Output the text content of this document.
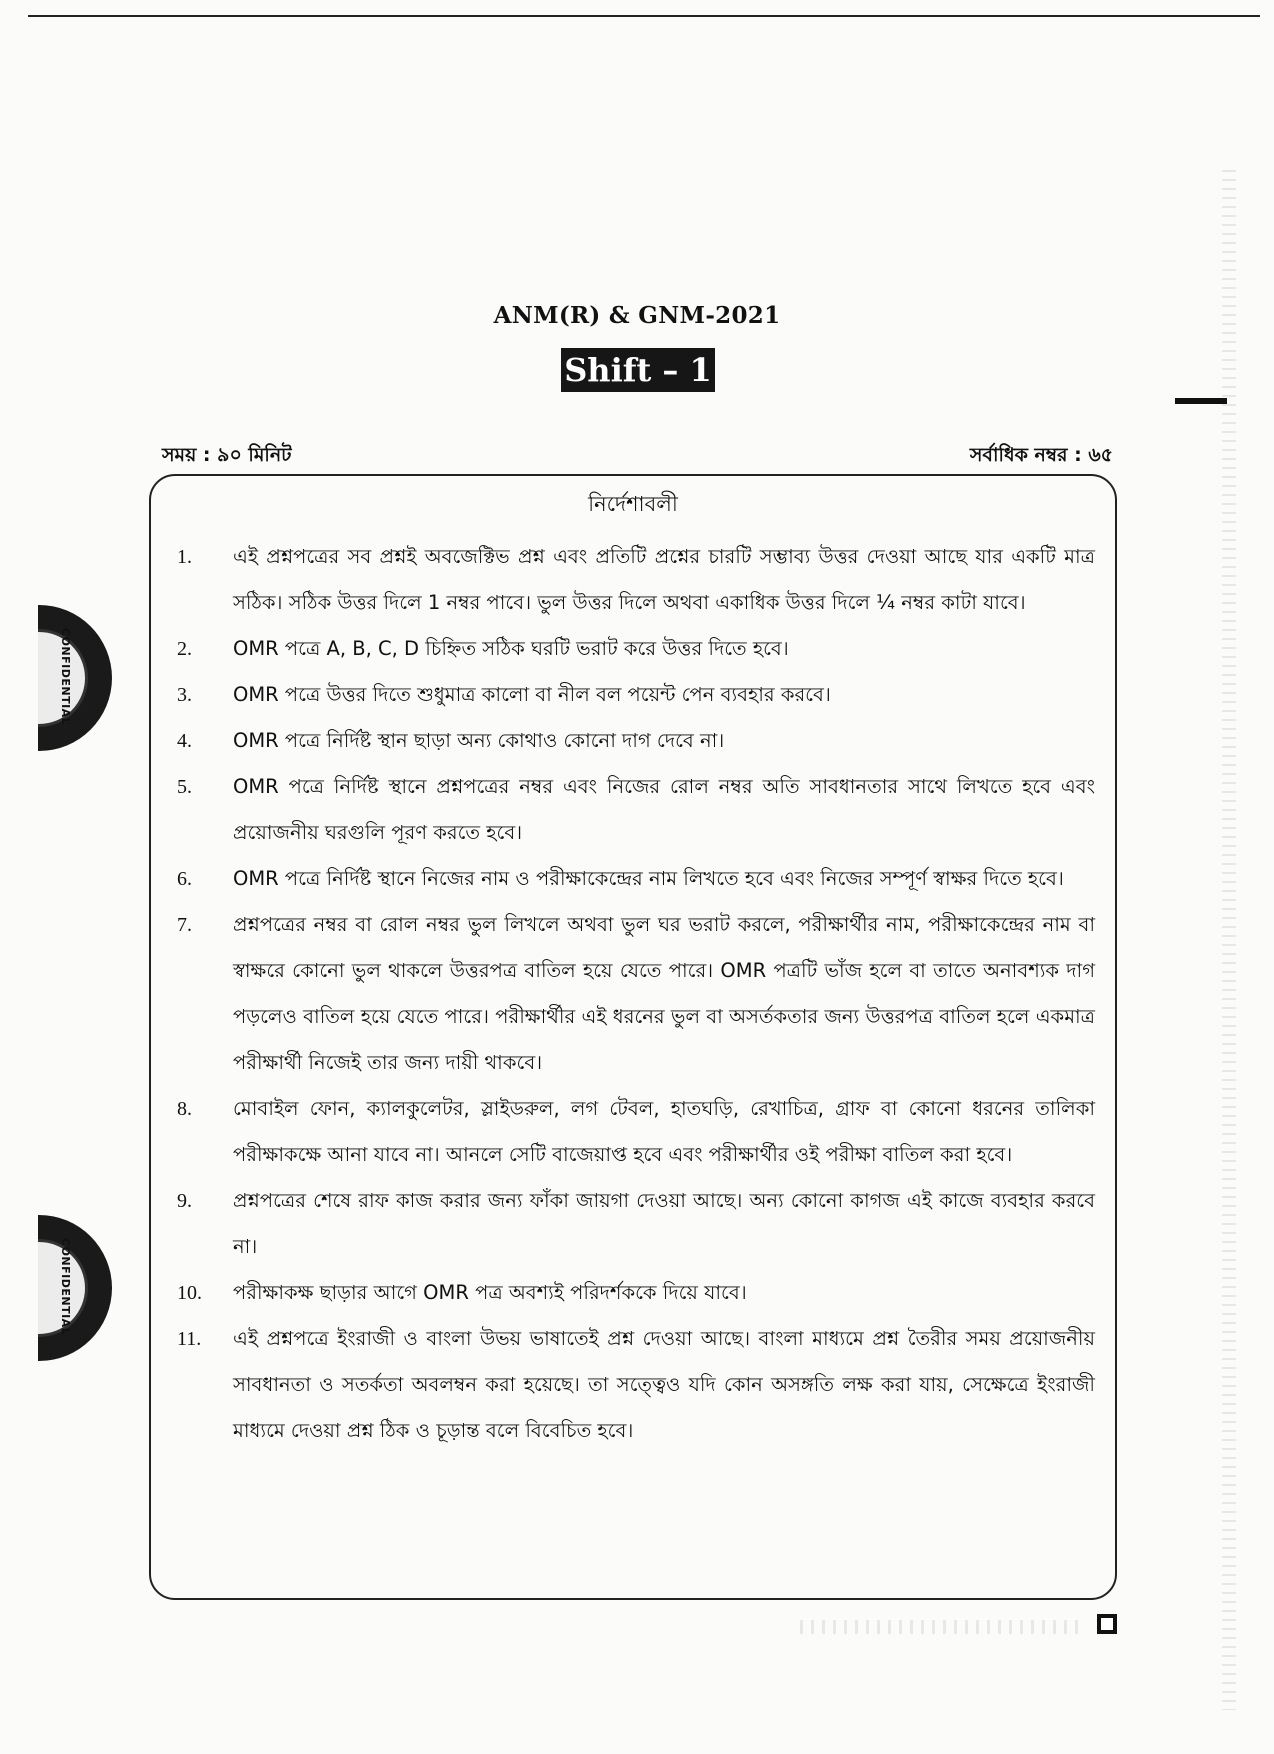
ANM(R) & GNM-2021
Shift – 1
সময় : ৯০ মিনিট	সর্বাধিক নম্বর : ৬৫
CONFIDENTIAL
CONFIDENTIAL
নির্দেশাবলী
1.	এই প্রশ্নপত্রের সব প্রশ্নই অবজেক্টিভ প্রশ্ন এবং প্রতিটি প্রশ্নের চারটি সম্ভাব্য উত্তর দেওয়া আছে যার একটি মাত্র সঠিক। সঠিক উত্তর দিলে 1 নম্বর পাবে। ভুল উত্তর দিলে অথবা একাধিক উত্তর দিলে ¼ নম্বর কাটা যাবে।
2.	OMR পত্রে A, B, C, D চিহ্নিত সঠিক ঘরটি ভরাট করে উত্তর দিতে হবে।
3.	OMR পত্রে উত্তর দিতে শুধুমাত্র কালো বা নীল বল পয়েন্ট পেন ব্যবহার করবে।
4.	OMR পত্রে নির্দিষ্ট স্থান ছাড়া অন্য কোথাও কোনো দাগ দেবে না।
5.	OMR পত্রে নির্দিষ্ট স্থানে প্রশ্নপত্রের নম্বর এবং নিজের রোল নম্বর অতি সাবধানতার সাথে লিখতে হবে এবং প্রয়োজনীয় ঘরগুলি পূরণ করতে হবে।
6.	OMR পত্রে নির্দিষ্ট স্থানে নিজের নাম ও পরীক্ষাকেন্দ্রের নাম লিখতে হবে এবং নিজের সম্পূর্ণ স্বাক্ষর দিতে হবে।
7.	প্রশ্নপত্রের নম্বর বা রোল নম্বর ভুল লিখলে অথবা ভুল ঘর ভরাট করলে, পরীক্ষার্থীর নাম, পরীক্ষাকেন্দ্রের নাম বা স্বাক্ষরে কোনো ভুল থাকলে উত্তরপত্র বাতিল হয়ে যেতে পারে। OMR পত্রটি ভাঁজ হলে বা তাতে অনাবশ্যক দাগ পড়লেও বাতিল হয়ে যেতে পারে। পরীক্ষার্থীর এই ধরনের ভুল বা অসর্তকতার জন্য উত্তরপত্র বাতিল হলে একমাত্র পরীক্ষার্থী নিজেই তার জন্য দায়ী থাকবে।
8.	মোবাইল ফোন, ক্যালকুলেটর, স্লাইডরুল, লগ টেবল, হাতঘড়ি, রেখাচিত্র, গ্রাফ বা কোনো ধরনের তালিকা পরীক্ষাকক্ষে আনা যাবে না। আনলে সেটি বাজেয়াপ্ত হবে এবং পরীক্ষার্থীর ওই পরীক্ষা বাতিল করা হবে।
9.	প্রশ্নপত্রের শেষে রাফ কাজ করার জন্য ফাঁকা জায়গা দেওয়া আছে। অন্য কোনো কাগজ এই কাজে ব্যবহার করবে না।
10.	পরীক্ষাকক্ষ ছাড়ার আগে OMR পত্র অবশ্যই পরিদর্শককে দিয়ে যাবে।
11.	এই প্রশ্নপত্রে ইংরাজী ও বাংলা উভয় ভাষাতেই প্রশ্ন দেওয়া আছে। বাংলা মাধ্যমে প্রশ্ন তৈরীর সময় প্রয়োজনীয় সাবধানতা ও সতর্কতা অবলম্বন করা হয়েছে। তা সত্ত্বেও যদি কোন অসঙ্গতি লক্ষ করা যায়, সেক্ষেত্রে ইংরাজী মাধ্যমে দেওয়া প্রশ্ন ঠিক ও চূড়ান্ত বলে বিবেচিত হবে।
